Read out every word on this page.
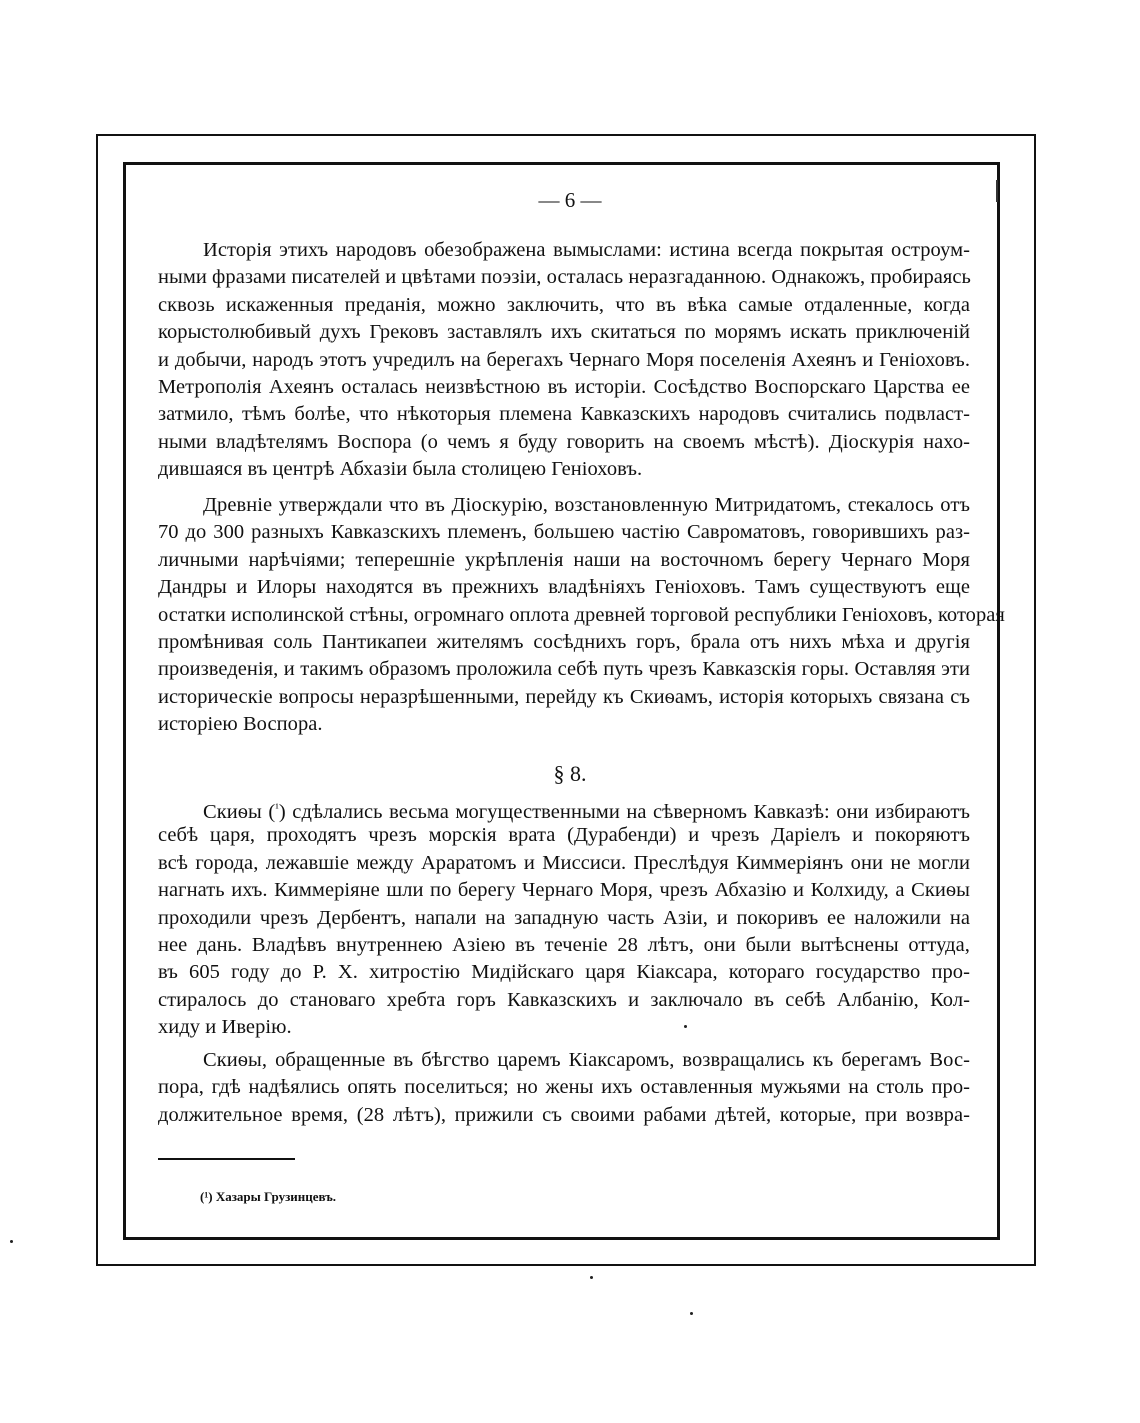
— 6 —
Исторія этихъ народовъ обезображена вымыслами: истина всегда покрытая остроум-
ными фразами писателей и цвѣтами поэзіи, осталась неразгаданною. Однакожъ, пробираясь
сквозь искаженныя преданія, можно заключить, что въ вѣка самые отдаленные, когда
корыстолюбивый духъ Грековъ заставлялъ ихъ скитаться по морямъ искать приключеній
и добычи, народъ этотъ учредилъ на берегахъ Чернаго Моря поселенія Ахеянъ и Геніоховъ.
Метрополія Ахеянъ осталась неизвѣстною въ исторіи. Сосѣдство Воспорскаго Царства ее
затмило, тѣмъ болѣе, что нѣкоторыя племена Кавказскихъ народовъ считались подвласт-
ными владѣтелямъ Воспора (о чемъ я буду говорить на своемъ мѣстѣ). Діоскурія нахо-
дившаяся въ центрѣ Абхазіи была столицею Геніоховъ.
Древніе утверждали что въ Діоскурію, возстановленную Митридатомъ, стекалось отъ
70 до 300 разныхъ Кавказскихъ племенъ, большею частію Савроматовъ, говорившихъ раз-
личными нарѣчіями; теперешніе укрѣпленія наши на восточномъ берегу Чернаго Моря
Дандры и Илоры находятся въ прежнихъ владѣніяхъ Геніоховъ. Тамъ существуютъ еще
остатки исполинской стѣны, огромнаго оплота древней торговой республики Геніоховъ, которая
промѣнивая соль Пантикапеи жителямъ сосѣднихъ горъ, брала отъ нихъ мѣха и другія
произведенія, и такимъ образомъ проложила себѣ путь чрезъ Кавказскія горы. Оставляя эти
историческіе вопросы неразрѣшенными, перейду къ Скиѳамъ, исторія которыхъ связана съ
исторіею Воспора.
§ 8.
Скиѳы ($^{^1}$) сдѣлались весьма могущественными на сѣверномъ Кавказѣ: они избираютъ
себѣ царя, проходятъ чрезъ морскія врата (Дурабенди) и чрезъ Даріелъ и покоряютъ
всѣ города, лежавшіе между Араратомъ и Миссиси. Преслѣдуя Киммеріянъ они не могли
нагнать ихъ. Киммеріяне шли по берегу Чернаго Моря, чрезъ Абхазію и Колхиду, а Скиѳы
проходили чрезъ Дербентъ, напали на западную часть Азіи, и покоривъ ее наложили на
нее дань. Владѣвъ внутреннею Азіею въ теченіе 28 лѣтъ, они были вытѣснены оттуда,
въ 605 году до Р. Х. хитростію Мидійскаго царя Кіаксара, котораго государство про-
стиралось до становаго хребта горъ Кавказскихъ и заключало въ себѣ Албанію, Кол-
хиду и Иверію.
Скиѳы, обращенные въ бѣгство царемъ Кіаксаромъ, возвращались къ берегамъ Вос-
пора, гдѣ надѣялись опять поселиться; но жены ихъ оставленныя мужьями на столь про-
должительное время, (28 лѣтъ), прижили съ своими рабами дѣтей, которые, при возвра-
(¹) Хазары Грузинцевъ.
